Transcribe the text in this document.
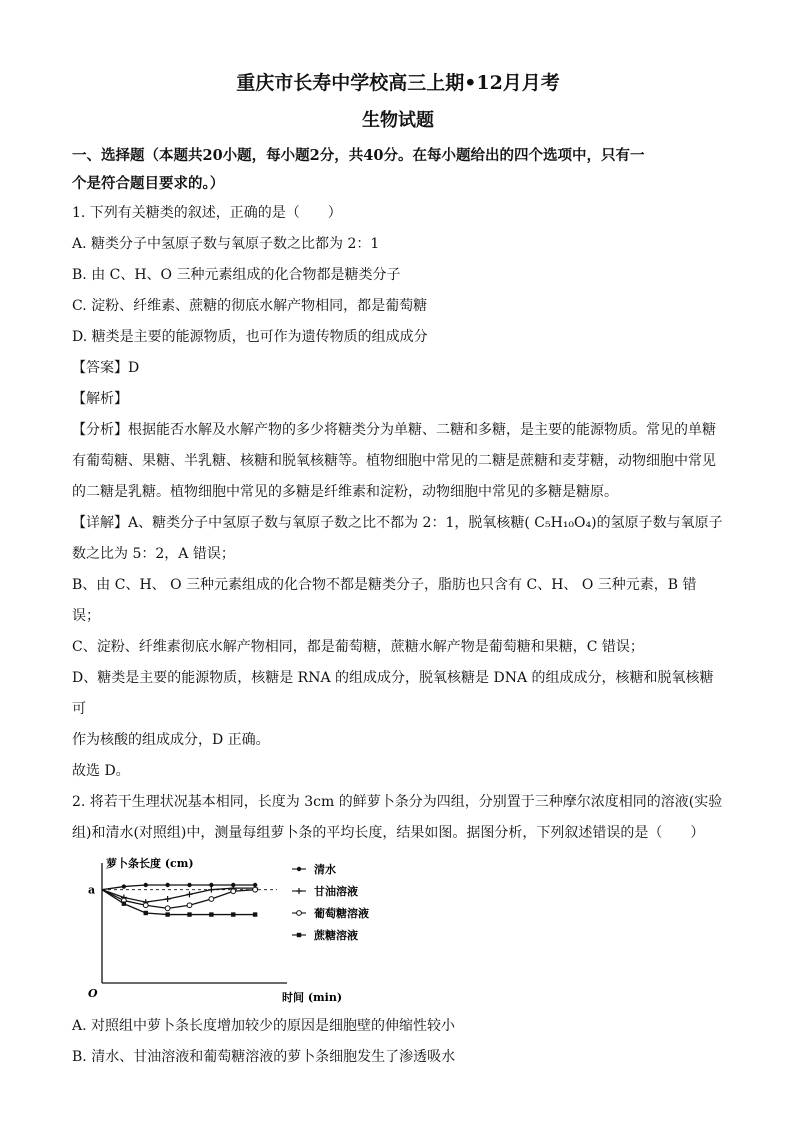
重庆市长寿中学校高三上期•12月月考
生物试题
一、选择题（本题共20小题，每小题2分，共40分。在每小题给出的四个选项中，只有一
个是符合题目要求的。）

1. 下列有关糖类的叙述，正确的是（　　）

A. 糖类分子中氢原子数与氧原子数之比都为 2：1

B. 由 C、H、O 三种元素组成的化合物都是糖类分子

C. 淀粉、纤维素、蔗糖的彻底水解产物相同，都是葡萄糖

D. 糖类是主要的能源物质，也可作为遗传物质的组成成分

【答案】D

【解析】

【分析】根据能否水解及水解产物的多少将糖类分为单糖、二糖和多糖，是主要的能源物质。常见的单糖

有葡萄糖、果糖、半乳糖、核糖和脱氧核糖等。植物细胞中常见的二糖是蔗糖和麦芽糖，动物细胞中常见

的二糖是乳糖。植物细胞中常见的多糖是纤维素和淀粉，动物细胞中常见的多糖是糖原。

【详解】A、糖类分子中氢原子数与氧原子数之比不都为 2：1，脱氧核糖( C₅H₁₀O₄)的氢原子数与氧原子

数之比为 5：2，A 错误；

B、由 C、H、 O 三种元素组成的化合物不都是糖类分子，脂肪也只含有 C、H、 O 三种元素，B 错误；

C、淀粉、纤维素彻底水解产物相同，都是葡萄糖，蔗糖水解产物是葡萄糖和果糖，C 错误；

D、糖类是主要的能源物质，核糖是 RNA 的组成成分，脱氧核糖是 DNA 的组成成分，核糖和脱氧核糖可

作为核酸的组成成分，D 正确。

故选 D。

2. 将若干生理状况基本相同，长度为 3cm 的鲜萝卜条分为四组，分别置于三种摩尔浓度相同的溶液(实验

组)和清水(对照组)中，测量每组萝卜条的平均长度，结果如图。据图分析，下列叙述错误的是（　　）

萝卜条长度 (cm)
时间 (min)
O
a
清水
甘油溶液
葡萄糖溶液
蔗糖溶液

A. 对照组中萝卜条长度增加较少的原因是细胞壁的伸缩性较小

B. 清水、甘油溶液和葡萄糖溶液的萝卜条细胞发生了渗透吸水
